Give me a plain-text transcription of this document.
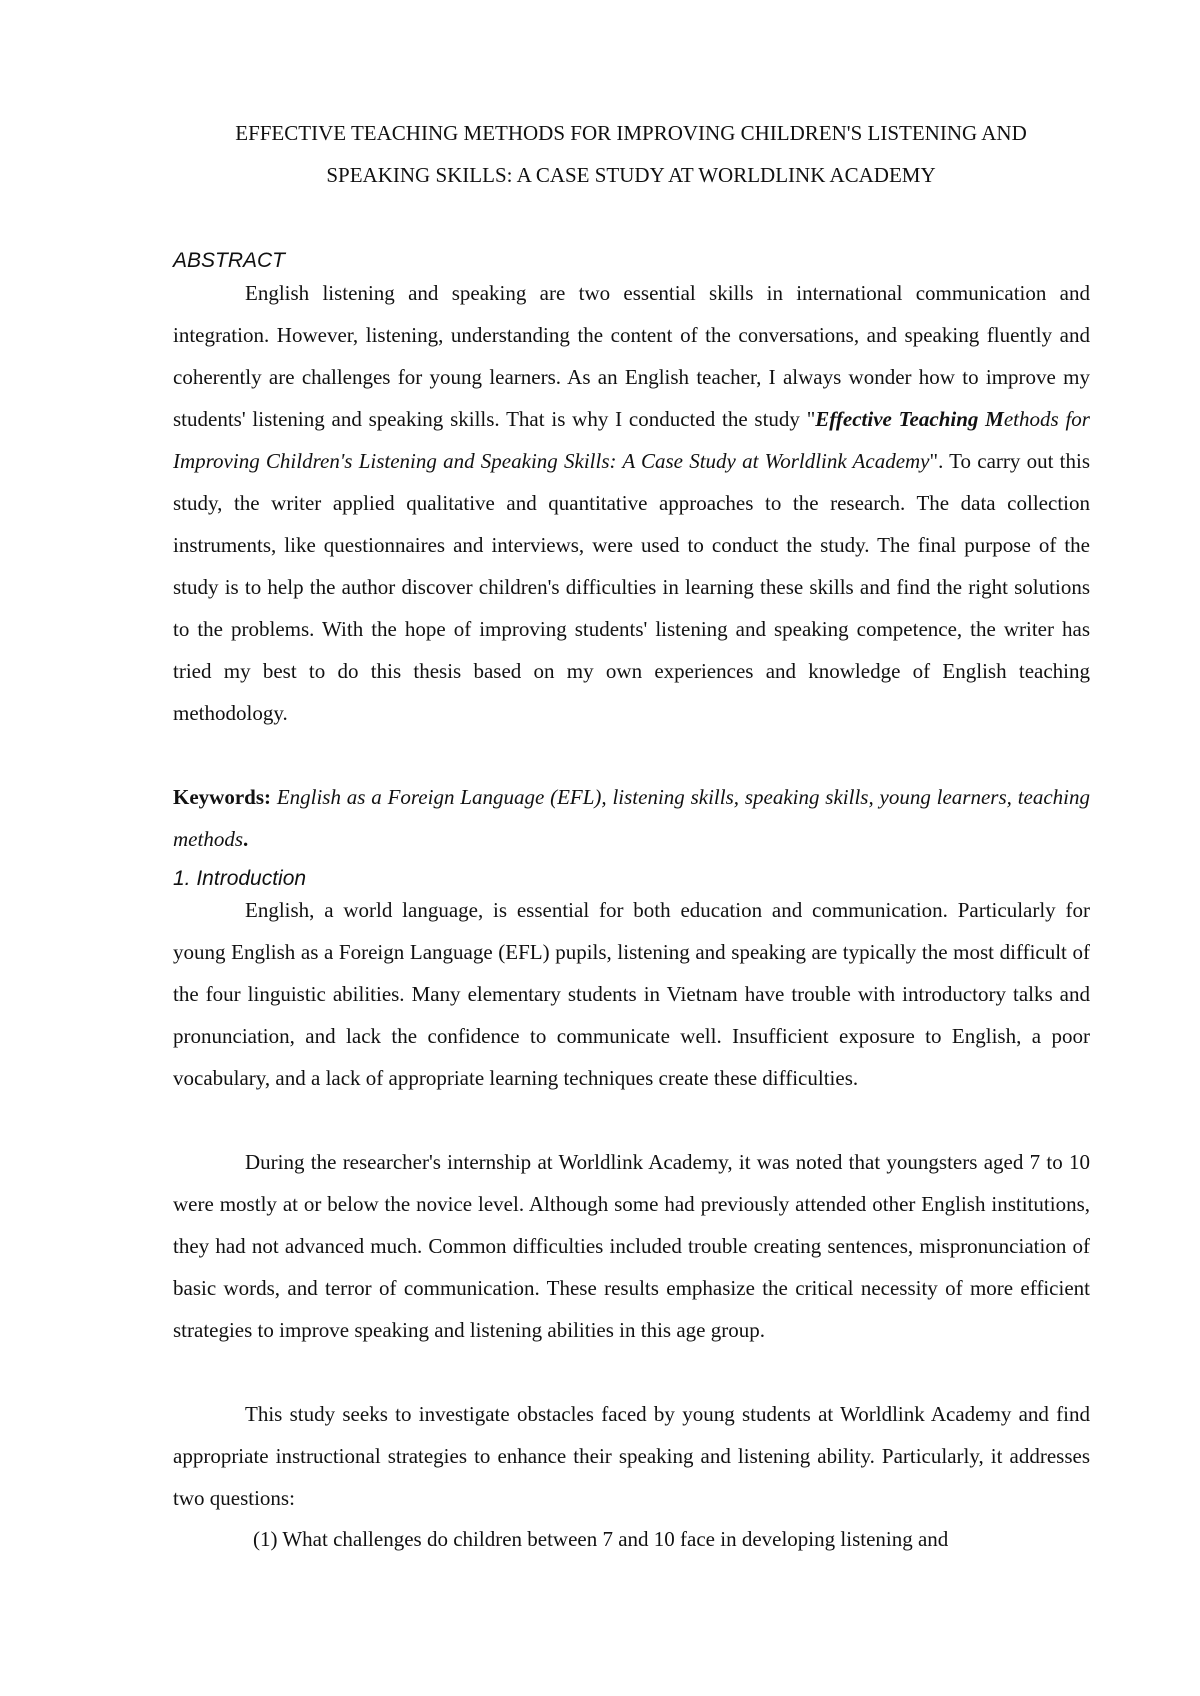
EFFECTIVE TEACHING METHODS FOR IMPROVING CHILDREN'S LISTENING AND
SPEAKING SKILLS: A CASE STUDY AT WORLDLINK ACADEMY
ABSTRACT

English listening and speaking are two essential skills in international communication and integration. However, listening, understanding the content of the conversations, and speaking fluently and coherently are challenges for young learners. As an English teacher, I always wonder how to improve my students' listening and speaking skills. That is why I conducted the study "Effective Teaching Methods for Improving Children's Listening and Speaking Skills: A Case Study at Worldlink Academy". To carry out this study, the writer applied qualitative and quantitative approaches to the research. The data collection instruments, like questionnaires and interviews, were used to conduct the study. The final purpose of the study is to help the author discover children's difficulties in learning these skills and find the right solutions to the problems. With the hope of improving students' listening and speaking competence, the writer has tried my best to do this thesis based on my own experiences and knowledge of English teaching methodology.

Keywords: English as a Foreign Language (EFL), listening skills, speaking skills, young learners, teaching methods.

1. Introduction

English, a world language, is essential for both education and communication. Particularly for young English as a Foreign Language (EFL) pupils, listening and speaking are typically the most difficult of the four linguistic abilities. Many elementary students in Vietnam have trouble with introductory talks and pronunciation, and lack the confidence to communicate well. Insufficient exposure to English, a poor vocabulary, and a lack of appropriate learning techniques create these difficulties.

During the researcher's internship at Worldlink Academy, it was noted that youngsters aged 7 to 10 were mostly at or below the novice level. Although some had previously attended other English institutions, they had not advanced much. Common difficulties included trouble creating sentences, mispronunciation of basic words, and terror of communication. These results emphasize the critical necessity of more efficient strategies to improve speaking and listening abilities in this age group.

This study seeks to investigate obstacles faced by young students at Worldlink Academy and find appropriate instructional strategies to enhance their speaking and listening ability. Particularly, it addresses two questions:

(1) What challenges do children between 7 and 10 face in developing listening and
